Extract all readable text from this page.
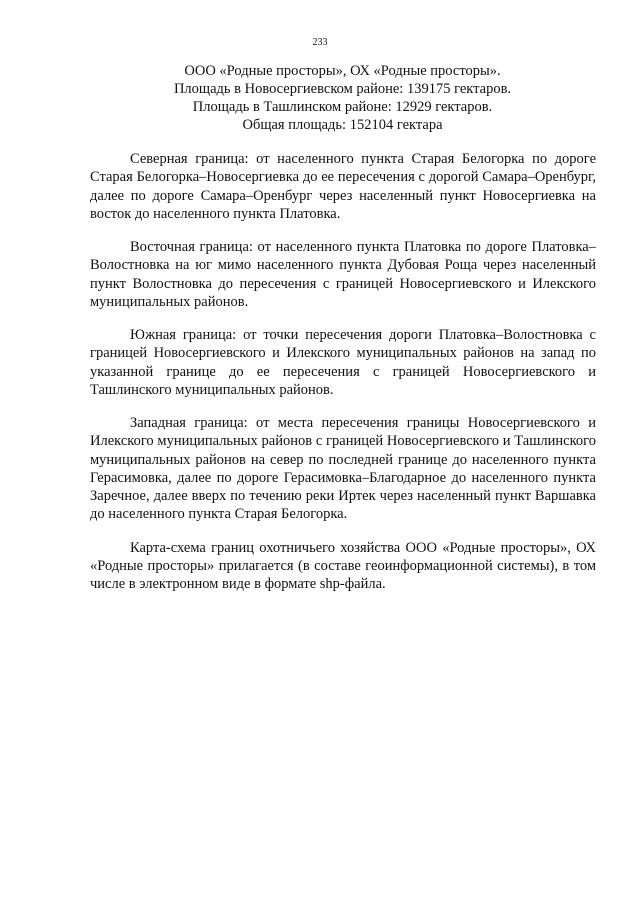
233
ООО «Родные просторы», ОХ «Родные просторы».
Площадь в Новосергиевском районе: 139175 гектаров.
Площадь в Ташлинском районе: 12929 гектаров.
Общая площадь: 152104 гектара

Северная граница: от населенного пункта Старая Белогорка по дороге Старая Белогорка–Новосергиевка до ее пересечения с дорогой Самара–Оренбург, далее по дороге Самара–Оренбург через населенный пункт Новосергиевка на восток до населенного пункта Платовка.

Восточная граница: от населенного пункта Платовка по дороге Платовка–Волостновка на юг мимо населенного пункта Дубовая Роща через населенный пункт Волостновка до пересечения с границей Новосергиевского и Илекского муниципальных районов.

Южная граница: от точки пересечения дороги Платовка–Волостновка с границей Новосергиевского и Илекского муниципальных районов на запад по указанной границе до ее пересечения с границей Новосергиевского и Ташлинского муниципальных районов.

Западная граница: от места пересечения границы Новосергиевского и Илекского муниципальных районов с границей Новосергиевского и Ташлинского муниципальных районов на север по последней границе до населенного пункта Герасимовка, далее по дороге Герасимовка–Благодарное до населенного пункта Заречное, далее вверх по течению реки Иртек через населенный пункт Варшавка до населенного пункта Старая Белогорка.

Карта-схема границ охотничьего хозяйства ООО «Родные просторы», ОХ «Родные просторы» прилагается (в составе геоинформационной системы), в том числе в электронном виде в формате shp-файла.
